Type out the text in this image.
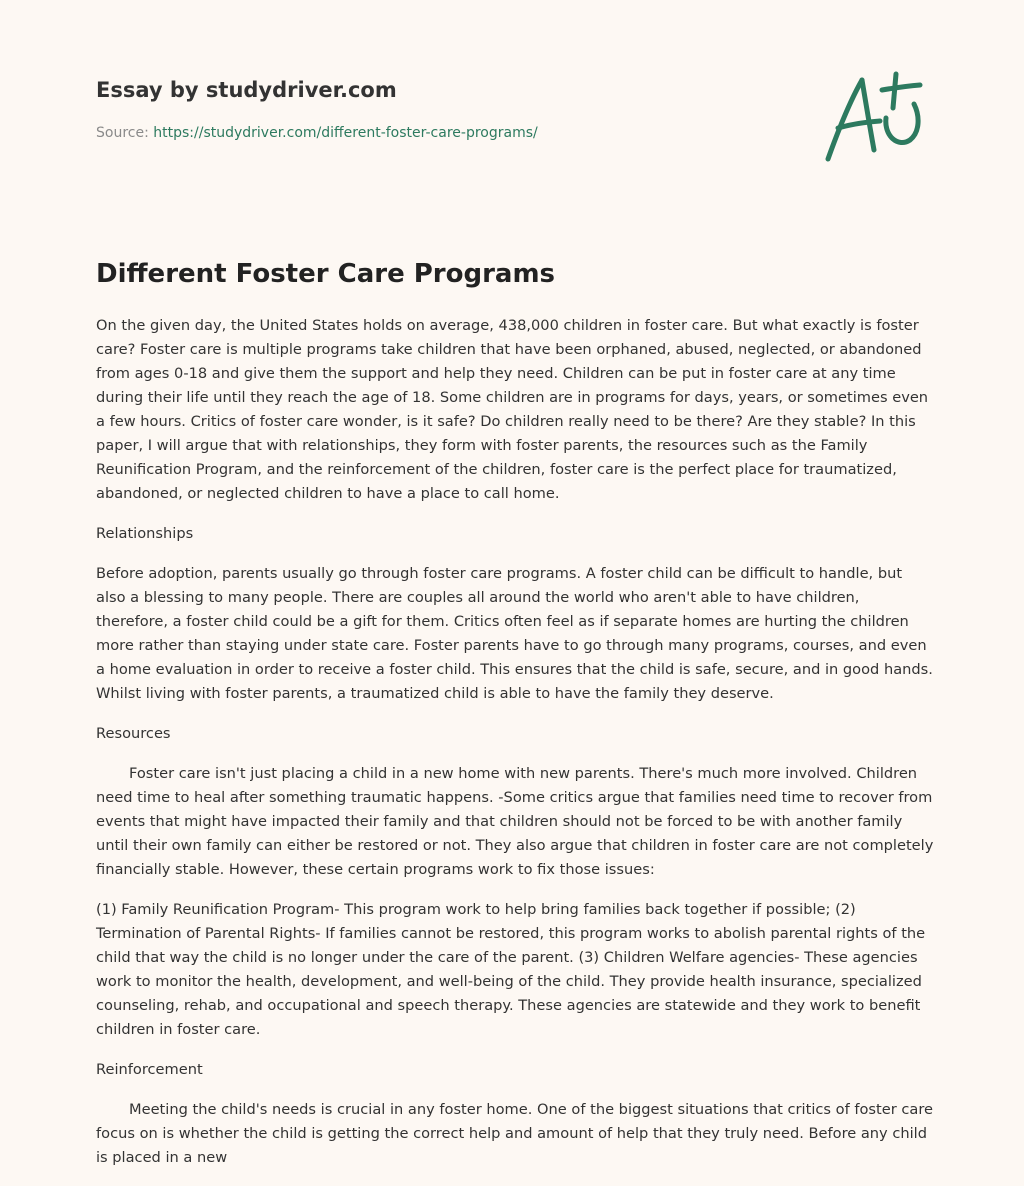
Essay by studydriver.com
Source: https://studydriver.com/different-foster-care-programs/
Different Foster Care Programs

On the given day, the United States holds on average, 438,000 children in foster care. But what exactly is foster care? Foster care is multiple programs take children that have been orphaned, abused, neglected, or abandoned from ages 0-18 and give them the support and help they need. Children can be put in foster care at any time during their life until they reach the age of 18. Some children are in programs for days, years, or sometimes even a few hours. Critics of foster care wonder, is it safe? Do children really need to be there? Are they stable? In this paper, I will argue that with relationships, they form with foster parents, the resources such as the Family Reunification Program, and the reinforcement of the children, foster care is the perfect place for traumatized, abandoned, or neglected children to have a place to call home.

Relationships

Before adoption, parents usually go through foster care programs. A foster child can be difficult to handle, but also a blessing to many people. There are couples all around the world who aren't able to have children, therefore, a foster child could be a gift for them. Critics often feel as if separate homes are hurting the children more rather than staying under state care. Foster parents have to go through many programs, courses, and even a home evaluation in order to receive a foster child. This ensures that the child is safe, secure, and in good hands. Whilst living with foster parents, a traumatized child is able to have the family they deserve.

Resources

Foster care isn't just placing a child in a new home with new parents. There's much more involved. Children need time to heal after something traumatic happens. -Some critics argue that families need time to recover from events that might have impacted their family and that children should not be forced to be with another family until their own family can either be restored or not. They also argue that children in foster care are not completely financially stable. However, these certain programs work to fix those issues:

(1) Family Reunification Program- This program work to help bring families back together if possible; (2) Termination of Parental Rights- If families cannot be restored, this program works to abolish parental rights of the child that way the child is no longer under the care of the parent. (3) Children Welfare agencies- These agencies work to monitor the health, development, and well-being of the child. They provide health insurance, specialized counseling, rehab, and occupational and speech therapy. These agencies are statewide and they work to benefit children in foster care.

Reinforcement

Meeting the child's needs is crucial in any foster home. One of the biggest situations that critics of foster care focus on is whether the child is getting the correct help and amount of help that they truly need. Before any child is placed in a new
